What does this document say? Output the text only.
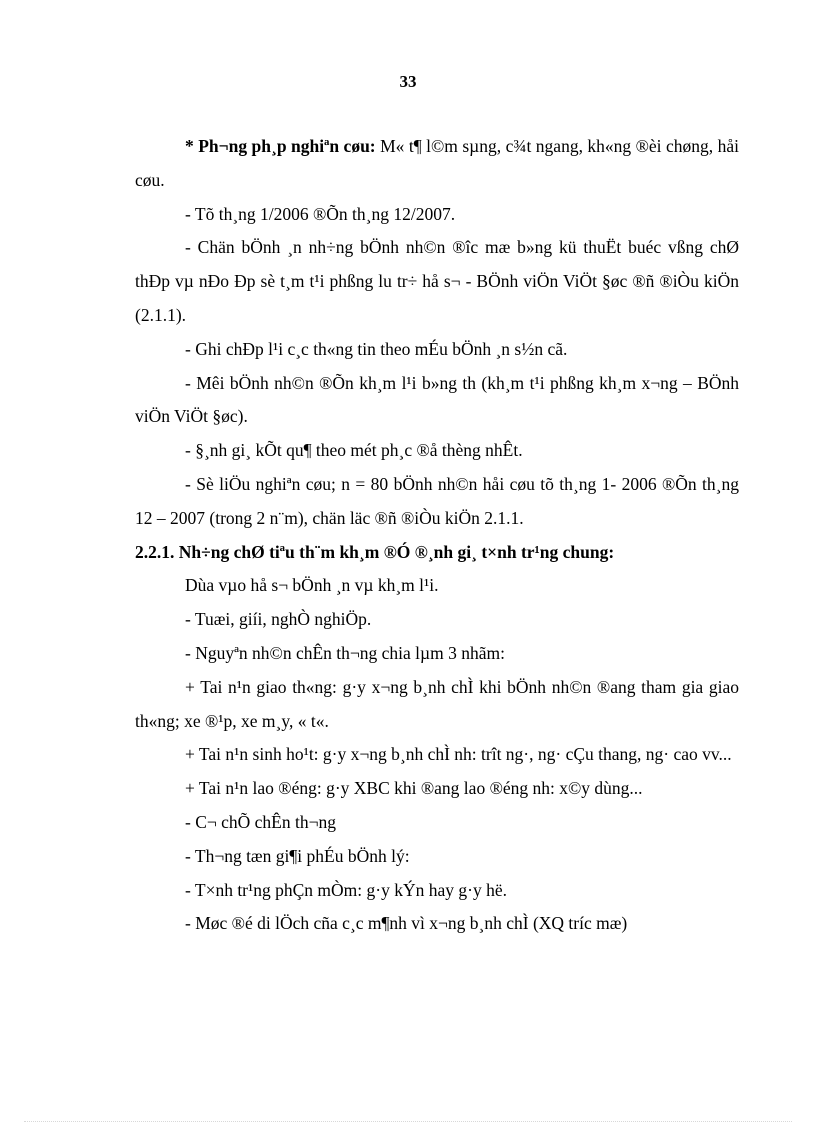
33

* Ph¬ng ph¸p nghiªn cøu: M« t¶ l©m sµng, c¾t ngang, kh«ng ®èi chøng, håi cøu.

- Tõ th¸ng 1/2006 ®Õn th¸ng 12/2007.

- Chän bÖnh ¸n nh÷ng bÖnh nh©n ®îc mæ b»ng kü thuËt buéc vßng chØ thÐp vµ nÐo Ðp sè t¸m t¹i phßng lu tr÷ hå s¬ - BÖnh viÖn ViÖt §øc ®ñ ®iÒu kiÖn (2.1.1).

- Ghi chÐp l¹i c¸c th«ng tin theo mÉu bÖnh ¸n s½n cã.

- Mêi bÖnh nh©n ®Õn kh¸m l¹i b»ng th (kh¸m t¹i phßng kh¸m x¬ng – BÖnh viÖn ViÖt §øc).

- §¸nh gi¸ kÕt qu¶ theo mét ph¸c ®å thèng nhÊt.

- Sè liÖu nghiªn cøu; n = 80 bÖnh nh©n håi cøu tõ th¸ng 1- 2006 ®Õn th¸ng 12 – 2007 (trong 2 n¨m), chän läc ®ñ ®iÒu kiÖn 2.1.1.

2.2.1. Nh÷ng chØ tiªu th¨m kh¸m ®Ó ®¸nh gi¸ t×nh tr¹ng chung:

Dùa vµo hå s¬ bÖnh ¸n vµ kh¸m l¹i.

- Tuæi, giíi, nghÒ nghiÖp.

- Nguyªn nh©n chÊn th¬ng chia lµm 3 nhãm:

+ Tai n¹n giao th«ng: g·y x¬ng b¸nh chÌ khi bÖnh nh©n ®ang tham gia giao th«ng; xe ®¹p, xe m¸y, « t«.

+ Tai n¹n sinh ho¹t: g·y x¬ng b¸nh chÌ nh: trît ng·, ng· cÇu thang, ng· cao vv...

+ Tai n¹n lao ®éng: g·y XBC khi ®ang lao ®éng nh: x©y dùng...

- C¬ chÕ chÊn th¬ng

- Th¬ng tæn gi¶i phÉu bÖnh lý:

- T×nh tr¹ng phÇn mÒm: g·y kÝn hay g·y hë.

- Møc ®é di lÖch cña c¸c m¶nh vì x¬ng b¸nh chÌ (XQ tríc mæ)
